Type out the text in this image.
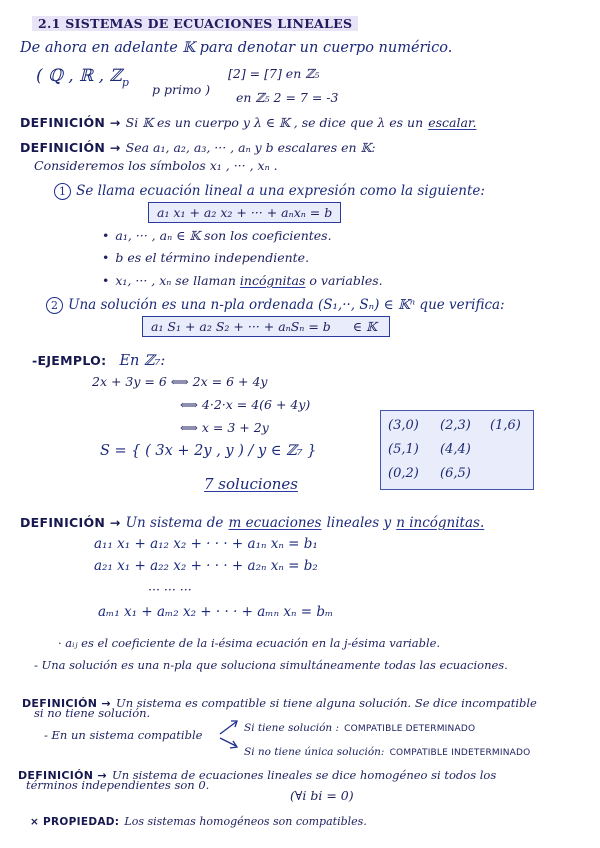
2.1 SISTEMAS DE ECUACIONES LINEALES
De ahora en adelante 𝕂 para denotar un cuerpo numérico.
( ℚ , ℝ , ℤ$_p$ p primo )
[2] = [7] en ℤ₅
en ℤ₅ 2 = 7 = -3
DEFINICIÓN → Si 𝕂 es un cuerpo y λ ∈ 𝕂 , se dice que λ es un escalar.
DEFINICIÓN → Sea a₁, a₂, a₃, ··· , aₙ y b escalares en 𝕂:
Consideremos los símbolos x₁ , ··· , xₙ .
1 Se llama ecuación lineal a una expresión como la siguiente:
a₁ x₁ + a₂ x₂ + ··· + aₙxₙ = b
• a₁, ··· , aₙ ∈ 𝕂 son los coeficientes.
• b es el término independiente.
• x₁, ··· , xₙ se llaman incógnitas o variables.
2 Una solución es una n-pla ordenada (S₁,··, Sₙ) ∈ 𝕂ⁿ que verifica:
a₁ S₁ + a₂ S₂ + ··· + aₙSₙ = b ∈ 𝕂
-EJEMPLO: En ℤ₇:
2x + 3y = 6 ⟺ 2x = 6 + 4y
⟺ 4·2·x = 4(6 + 4y)
⟺ x = 3 + 2y
S = { ( 3x + 2y , y ) / y ∈ ℤ₇ }
(3,0) (2,3) (1,6)
(5,1) (4,4)
(0,2) (6,5)
7 soluciones
DEFINICIÓN → Un sistema de m ecuaciones lineales y n incógnitas.
a₁₁ x₁ + a₁₂ x₂ + · · · + a₁ₙ xₙ = b₁
a₂₁ x₁ + a₂₂ x₂ + · · · + a₂ₙ xₙ = b₂
··· ··· ···
aₘ₁ x₁ + aₘ₂ x₂ + · · · + aₘₙ xₙ = bₘ
· aᵢⱼ es el coeficiente de la i-ésima ecuación en la j-ésima variable.
- Una solución es una n-pla que soluciona simultáneamente todas las ecuaciones.
DEFINICIÓN → Un sistema es compatible si tiene alguna solución. Se dice incompatible
si no tiene solución.
- En un sistema compatible	Si tiene solución : COMPATIBLE DETERMINADO
Si no tiene única solución: COMPATIBLE INDETERMINADO
DEFINICIÓN → Un sistema de ecuaciones lineales se dice homogéneo si todos los
términos independientes son 0.
(∀i bi = 0)
× PROPIEDAD: Los sistemas homogéneos son compatibles.
